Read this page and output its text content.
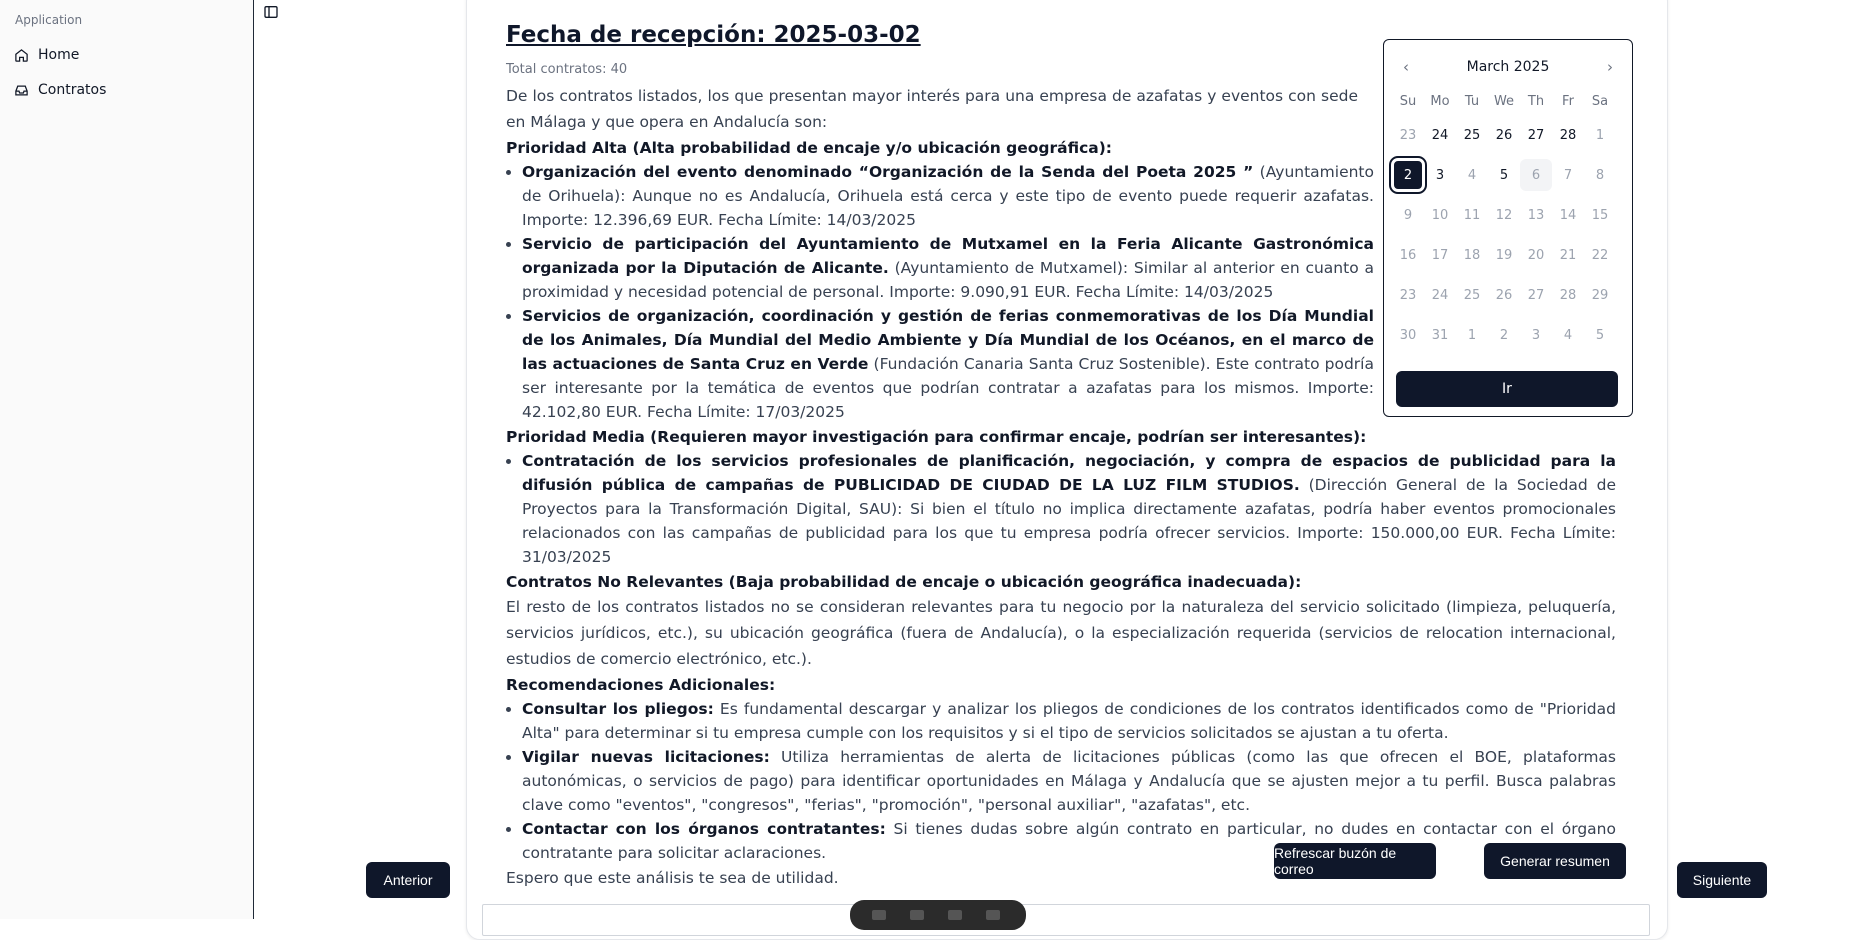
Application
Home
Contratos
Fecha de recepción: 2025-03-02
Total contratos: 40

De los contratos listados, los que presentan mayor interés para una empresa de azafatas y eventos con sede en Málaga y que opera en Andalucía son:

Prioridad Alta (Alta probabilidad de encaje y/o ubicación geográfica):

• Organización del evento denominado “Organización de la Senda del Poeta 2025 ” (Ayuntamiento de Orihuela): Aunque no es Andalucía, Orihuela está cerca y este tipo de evento puede requerir azafatas. Importe: 12.396,69 EUR. Fecha Límite: 14/03/2025
• Servicio de participación del Ayuntamiento de Mutxamel en la Feria Alicante Gastronómica organizada por la Diputación de Alicante. (Ayuntamiento de Mutxamel): Similar al anterior en cuanto a proximidad y necesidad potencial de personal. Importe: 9.090,91 EUR. Fecha Límite: 14/03/2025
• Servicios de organización, coordinación y gestión de ferias conmemorativas de los Día Mundial de los Animales, Día Mundial del Medio Ambiente y Día Mundial de los Océanos, en el marco de las actuaciones de Santa Cruz en Verde (Fundación Canaria Santa Cruz Sostenible). Este contrato podría ser interesante por la temática de eventos que podrían contratar a azafatas para los mismos. Importe: 42.102,80 EUR. Fecha Límite: 17/03/2025

Prioridad Media (Requieren mayor investigación para confirmar encaje, podrían ser interesantes):

• Contratación de los servicios profesionales de planificación, negociación, y compra de espacios de publicidad para la difusión pública de campañas de PUBLICIDAD DE CIUDAD DE LA LUZ FILM STUDIOS. (Dirección General de la Sociedad de Proyectos para la Transformación Digital, SAU): Si bien el título no implica directamente azafatas, podría haber eventos promocionales relacionados con las campañas de publicidad para los que tu empresa podría ofrecer servicios. Importe: 150.000,00 EUR. Fecha Límite: 31/03/2025

Contratos No Relevantes (Baja probabilidad de encaje o ubicación geográfica inadecuada):

El resto de los contratos listados no se consideran relevantes para tu negocio por la naturaleza del servicio solicitado (limpieza, peluquería, servicios jurídicos, etc.), su ubicación geográfica (fuera de Andalucía), o la especialización requerida (servicios de relocation internacional, estudios de comercio electrónico, etc.).

Recomendaciones Adicionales:

• Consultar los pliegos: Es fundamental descargar y analizar los pliegos de condiciones de los contratos identificados como de "Prioridad Alta" para determinar si tu empresa cumple con los requisitos y si el tipo de servicios solicitados se ajustan a tu oferta.
• Vigilar nuevas licitaciones: Utiliza herramientas de alerta de licitaciones públicas (como las que ofrecen el BOE, plataformas autonómicas, o servicios de pago) para identificar oportunidades en Málaga y Andalucía que se ajusten mejor a tu perfil. Busca palabras clave como "eventos", "congresos", "ferias", "promoción", "personal auxiliar", "azafatas", etc.
• Contactar con los órganos contratantes: Si tienes dudas sobre algún contrato en particular, no dudes en contactar con el órgano contratante para solicitar aclaraciones.

Espero que este análisis te sea de utilidad.

‹	March 2025	›
Su	Mo	Tu	We	Th	Fr	Sa
23	24	25	26	27	28	1
2	3	4	5	6	7	8
9	10	11	12	13	14	15
16	17	18	19	20	21	22
23	24	25	26	27	28	29
30	31	1	2	3	4	5
Ir
Refrescar buzón de correo	Generar resumen
Anterior	Siguiente
